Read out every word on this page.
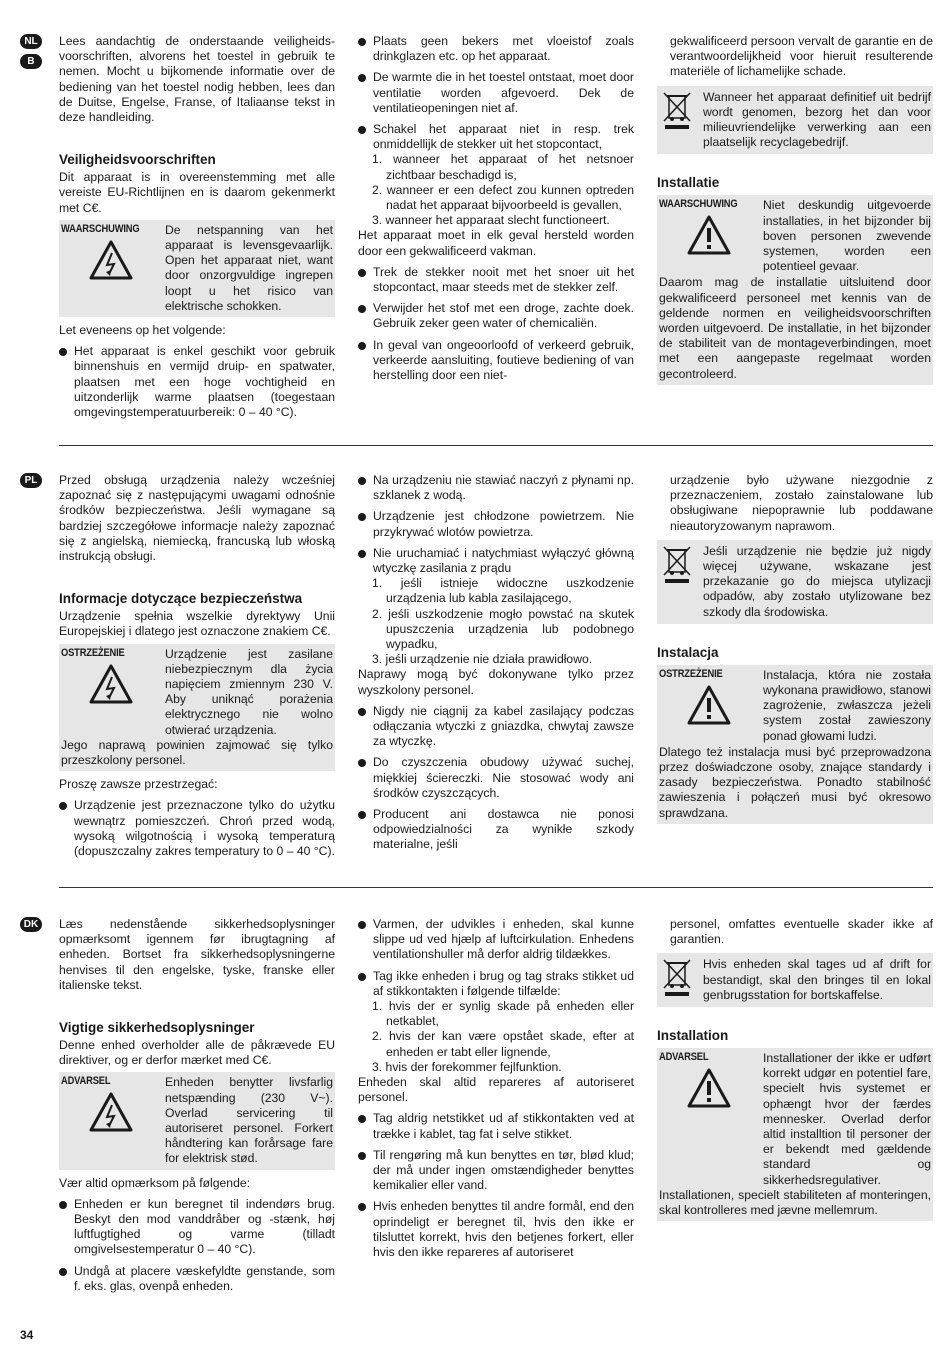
NL
B

Lees aandachtig de onderstaande veiligheidsvoorschriften, alvorens het toestel in gebruik te nemen. Mocht u bijkomende informatie over de bediening van het toestel nodig hebben, lees dan de Duitse, Engelse, Franse, of Italiaanse tekst in deze handleiding.

Veiligheidsvoorschriften

Dit apparaat is in overeenstemming met alle vereiste EU-Richtlijnen en is daarom gekenmerkt met C€.

WAARSCHUWING	De netspanning van het apparaat is levensgevaarlijk. Open het apparaat niet, want door onzorgvuldige ingrepen loopt u het risico van elektrische schokken.

Let eveneens op het volgende:

Het apparaat is enkel geschikt voor gebruik binnenshuis en vermijd druip- en spatwater, plaatsen met een hoge vochtigheid en uitzonderlijk warme plaatsen (toegestaan omgevingstemperatuurbereik: 0 – 40 °C).
Plaats geen bekers met vloeistof zoals drinkglazen etc. op het apparaat.
De warmte die in het toestel ontstaat, moet door ventilatie worden afgevoerd. Dek de ventilatieopeningen niet af.
Schakel het apparaat niet in resp. trek onmiddellijk de stekker uit het stopcontact,
1. wanneer het apparaat of het netsnoer zichtbaar beschadigd is,
2. wanneer er een defect zou kunnen optreden nadat het apparaat bijvoorbeeld is gevallen,
3. wanneer het apparaat slecht functioneert.

Het apparaat moet in elk geval hersteld worden door een gekwalificeerd vakman.

Trek de stekker nooit met het snoer uit het stopcontact, maar steeds met de stekker zelf.
Verwijder het stof met een droge, zachte doek. Gebruik zeker geen water of chemicaliën.
In geval van ongeoorloofd of verkeerd gebruik, verkeerde aansluiting, foutieve bediening of van herstelling door een niet-

gekwalificeerd persoon vervalt de garantie en de verantwoordelijkheid voor hieruit resulterende materiële of lichamelijke schade.

Wanneer het apparaat definitief uit bedrijf wordt genomen, bezorg het dan voor milieuvriendelijke verwerking aan een plaatselijk recyclagebedrijf.
Installatie
WAARSCHUWING	Niet deskundig uitgevoerde installaties, in het bijzonder bij boven personen zwevende systemen, worden een potentieel gevaar.
Daarom mag de installatie uitsluitend door gekwalificeerd personeel met kennis van de geldende normen en veiligheidsvoorschriften worden uitgevoerd. De installatie, in het bijzonder de stabiliteit van de montageverbindingen, moet met een aangepaste regelmaat worden gecontroleerd.
PL	Przed obsługą urządzenia należy wcześniej zapoznać się z następującymi uwagami odnośnie środków bezpieczeństwa. Jeśli wymagane są bardziej szczegółowe informacje należy zapoznać się z angielską, niemiecką, francuską lub włoską instrukcją obsługi.

Informacje dotyczące bezpieczeństwa

Urządzenie spełnia wszelkie dyrektywy Unii Europejskiej i dlatego jest oznaczone znakiem C€.

OSTRZEŻENIE	Urządzenie jest zasilane niebezpiecznym dla życia napięciem zmiennym 230 V. Aby uniknąć porażenia elektrycznego nie wolno otwierać urządzenia.
Jego naprawą powinien zajmować się tylko przeszkolony personel.

Proszę zawsze przestrzegać:

Urządzenie jest przeznaczone tylko do użytku wewnątrz pomieszczeń. Chroń przed wodą, wysoką wilgotnością i wysoką temperaturą (dopuszczalny zakres temperatury to 0 – 40 °C).
Na urządzeniu nie stawiać naczyń z płynami np. szklanek z wodą.
Urządzenie jest chłodzone powietrzem. Nie przykrywać wlotów powietrza.
Nie uruchamiać i natychmiast wyłączyć główną wtyczkę zasilania z prądu
1. jeśli istnieje widoczne uszkodzenie urządzenia lub kabla zasilającego,
2. jeśli uszkodzenie mogło powstać na skutek upuszczenia urządzenia lub podobnego wypadku,
3. jeśli urządzenie nie działa prawidłowo.

Naprawy mogą być dokonywane tylko przez wyszkolony personel.

Nigdy nie ciągnij za kabel zasilający podczas odłączania wtyczki z gniazdka, chwytaj zawsze za wtyczkę.
Do czyszczenia obudowy używać suchej, miękkiej ściereczki. Nie stosować wody ani środków czyszczących.
Producent ani dostawca nie ponosi odpowiedzialności za wynikłe szkody materialne, jeśli

urządzenie było używane niezgodnie z przeznaczeniem, zostało zainstalowane lub obsługiwane niepoprawnie lub poddawane nieautoryzowanym naprawom.

Jeśli urządzenie nie będzie już nigdy więcej używane, wskazane jest przekazanie go do miejsca utylizacji odpadów, aby zostało utylizowane bez szkody dla środowiska.
Instalacja
OSTRZEŻENIE	Instalacja, która nie została wykonana prawidłowo, stanowi zagrożenie, zwłaszcza jeżeli system został zawieszony ponad głowami ludzi.
Dlatego też instalacja musi być przeprowadzona przez doświadczone osoby, znające standardy i zasady bezpieczeństwa. Ponadto stabilność zawieszenia i połączeń musi być okresowo sprawdzana.
DK	Læs nedenstående sikkerhedsoplysninger opmærksomt igennem før ibrugtagning af enheden. Bortset fra sikkerhedsoplysningerne henvises til den engelske, tyske, franske eller italienske tekst.

Vigtige sikkerhedsoplysninger

Denne enhed overholder alle de påkrævede EU direktiver, og er derfor mærket med C€.

ADVARSEL	Enheden benytter livsfarlig netspænding (230 V~). Overlad servicering til autoriseret personel. Forkert håndtering kan forårsage fare for elektrisk stød.

Vær altid opmærksom på følgende:

Enheden er kun beregnet til indendørs brug. Beskyt den mod vanddråber og -stænk, høj luftfugtighed og varme (tilladt omgivelsestemperatur 0 – 40 °C).
Undgå at placere væskefyldte genstande, som f. eks. glas, ovenpå enheden.
Varmen, der udvikles i enheden, skal kunne slippe ud ved hjælp af luftcirkulation. Enhedens ventilationshuller må derfor aldrig tildækkes.
Tag ikke enheden i brug og tag straks stikket ud af stikkontakten i følgende tilfælde:
1. hvis der er synlig skade på enheden eller netkablet,
2. hvis der kan være opstået skade, efter at enheden er tabt eller lignende,
3. hvis der forekommer fejlfunktion.

Enheden skal altid repareres af autoriseret personel.

Tag aldrig netstikket ud af stikkontakten ved at trække i kablet, tag fat i selve stikket.
Til rengøring må kun benyttes en tør, blød klud; der må under ingen omstændigheder benyttes kemikalier eller vand.
Hvis enheden benyttes til andre formål, end den oprindeligt er beregnet til, hvis den ikke er tilsluttet korrekt, hvis den betjenes forkert, eller hvis den ikke repareres af autoriseret

personel, omfattes eventuelle skader ikke af garantien.

Hvis enheden skal tages ud af drift for bestandigt, skal den bringes til en lokal genbrugsstation for bortskaffelse.
Installation
ADVARSEL	Installationer der ikke er udført korrekt udgør en potentiel fare, specielt hvis systemet er ophængt hvor der færdes mennesker. Overlad derfor altid installtion til personer der er bekendt med gældende standard og sikkerhedsregulativer.
Installationen, specielt stabiliteten af monteringen, skal kontrolleres med jævne mellemrum.
34
